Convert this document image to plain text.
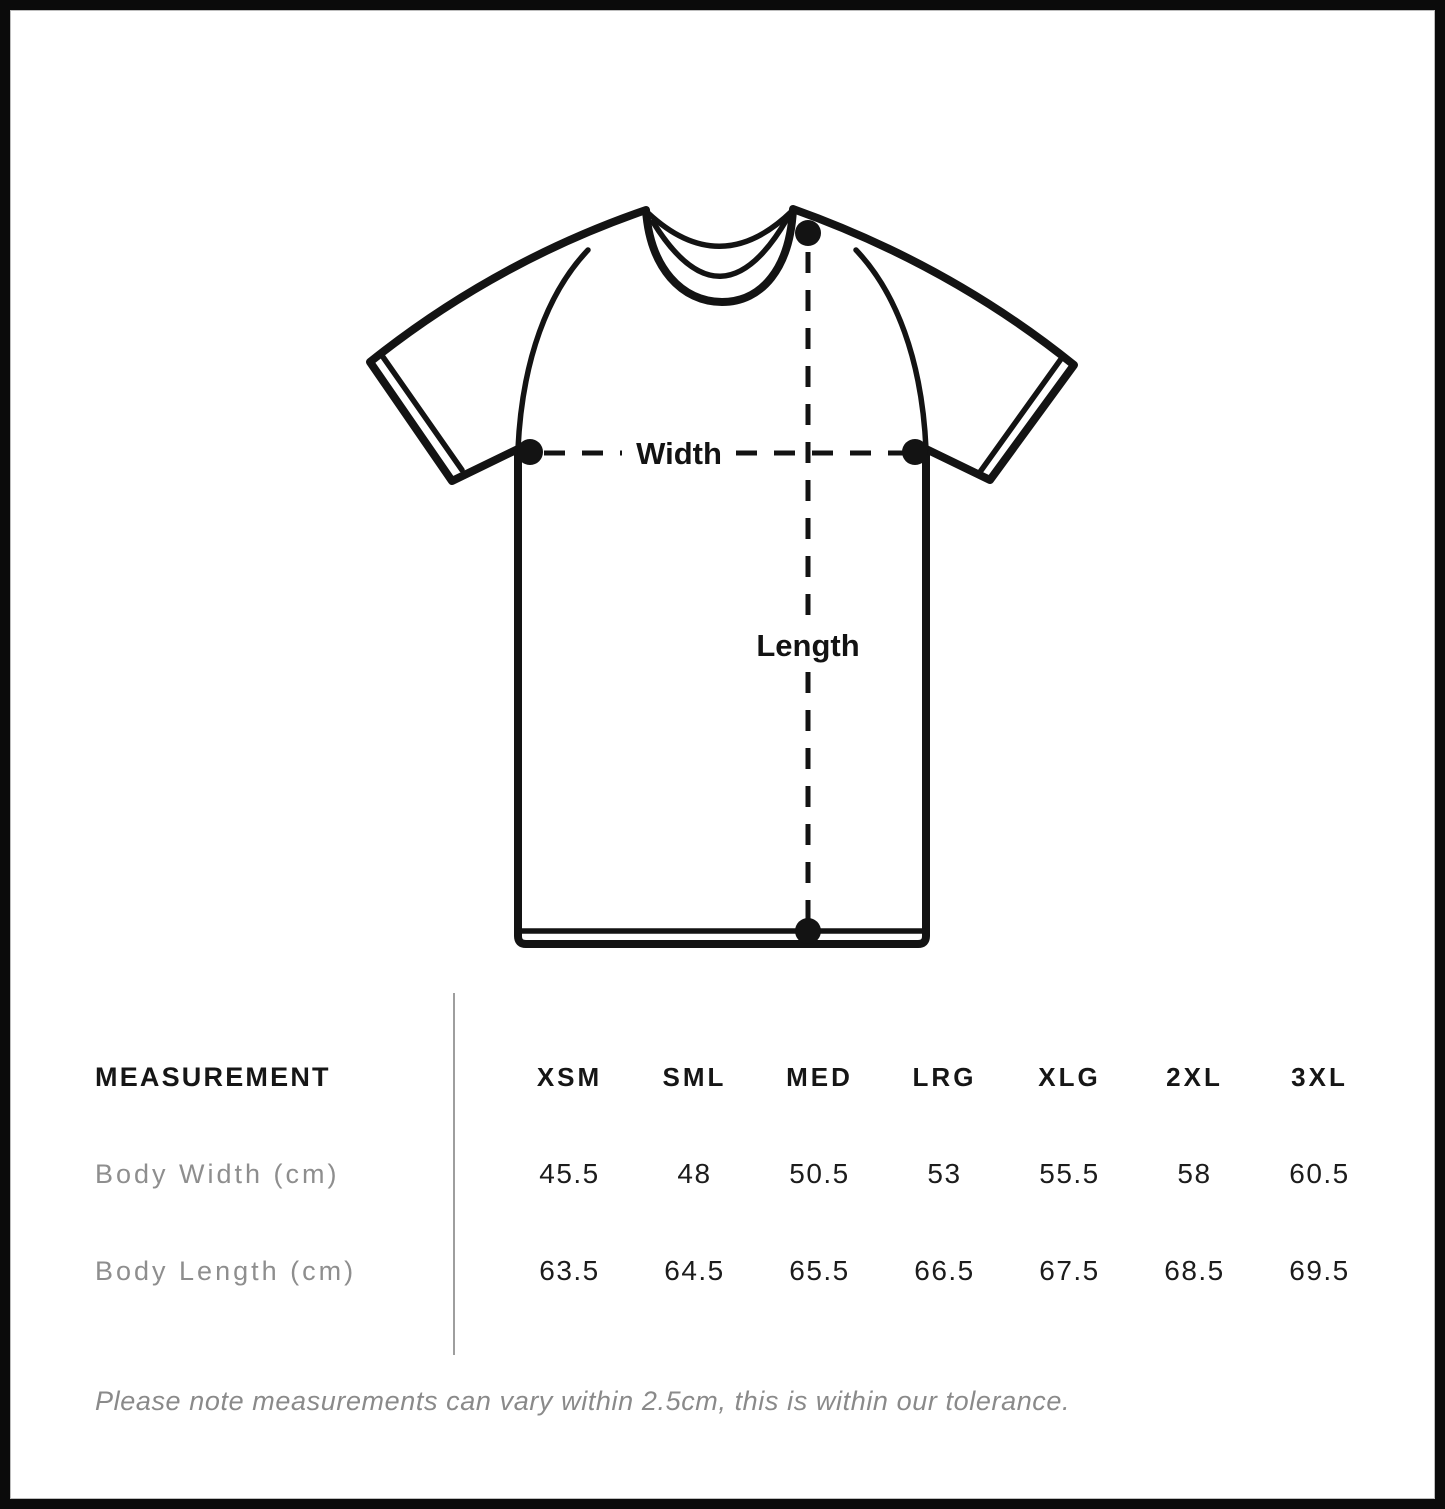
Width
Length
MEASUREMENT	XSM	SML	MED	LRG	XLG	2XL	3XL
Body Width (cm)	45.5	48	50.5	53	55.5	58	60.5
Body Length (cm)	63.5	64.5	65.5	66.5	67.5	68.5	69.5
Please note measurements can vary within 2.5cm, this is within our tolerance.
